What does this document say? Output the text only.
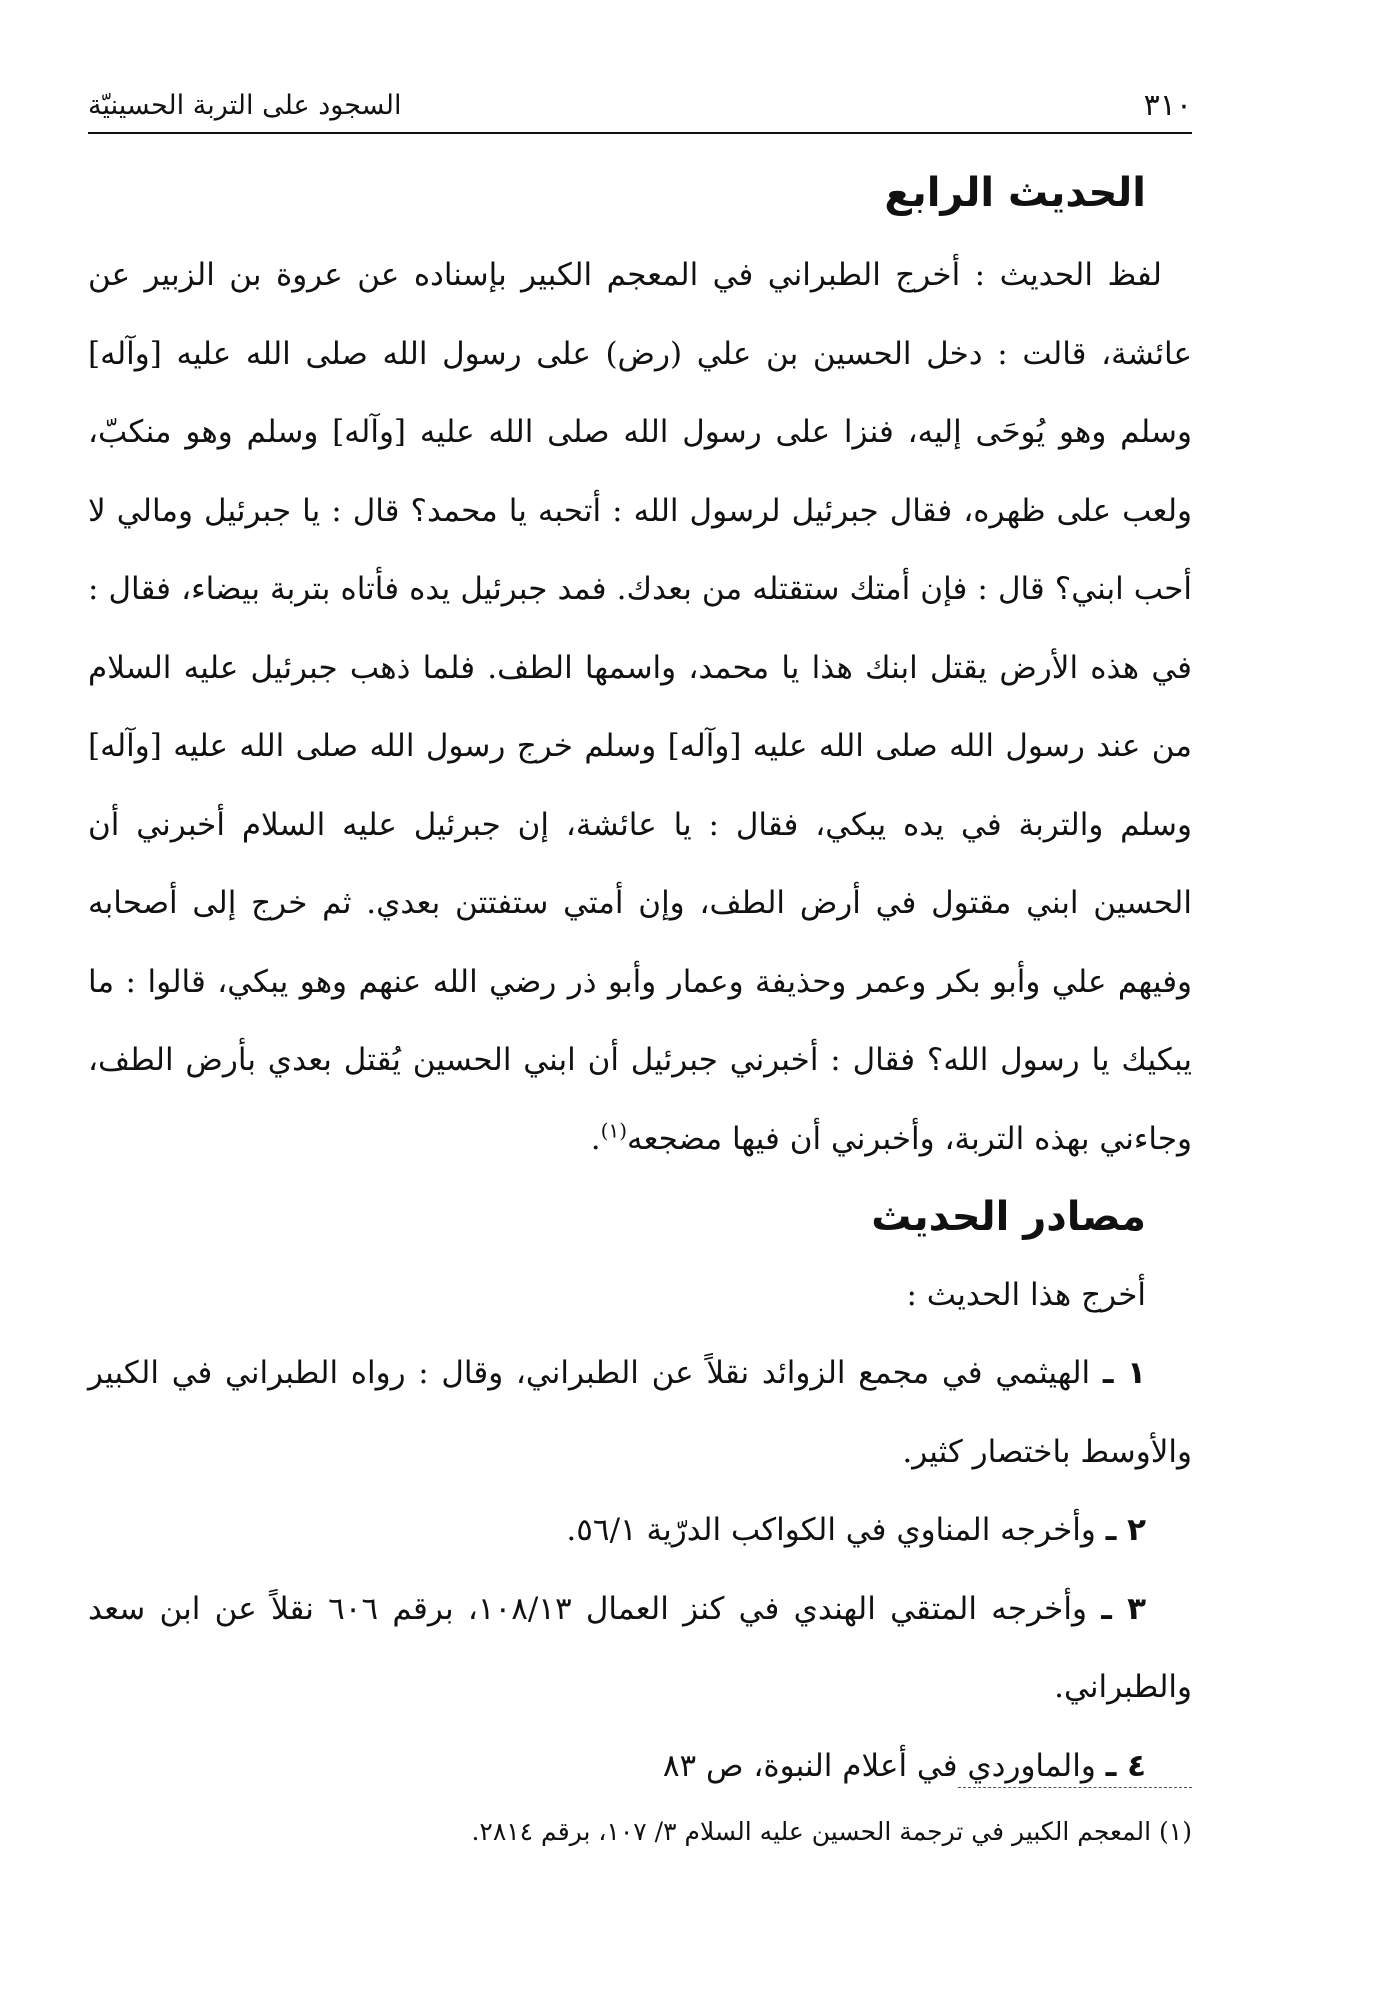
٣١٠
السجود على التربة الحسينيّة
الحديث الرابع

لفظ الحديث : أخرج الطبراني في المعجم الكبير بإسناده عن عروة بن الزبير عن عائشة، قالت : دخل الحسين بن علي (رض) على رسول الله صلى الله عليه [وآله] وسلم وهو يُوحَى إليه، فنزا على رسول الله صلى الله عليه [وآله] وسلم وهو منكبّ، ولعب على ظهره، فقال جبرئيل لرسول الله : أتحبه يا محمد؟ قال : يا جبرئيل ومالي لا أحب ابني؟ قال : فإن أمتك ستقتله من بعدك. فمد جبرئيل يده فأتاه بتربة بيضاء، فقال : في هذه الأرض يقتل ابنك هذا يا محمد، واسمها الطف. فلما ذهب جبرئيل عليه السلام من عند رسول الله صلى الله عليه [وآله] وسلم خرج رسول الله صلى الله عليه [وآله] وسلم والتربة في يده يبكي، فقال : يا عائشة، إن جبرئيل عليه السلام أخبرني أن الحسين ابني مقتول في أرض الطف، وإن أمتي ستفتتن بعدي. ثم خرج إلى أصحابه وفيهم علي وأبو بكر وعمر وحذيفة وعمار وأبو ذر رضي الله عنهم وهو يبكي، قالوا : ما يبكيك يا رسول الله؟ فقال : أخبرني جبرئيل أن ابني الحسين يُقتل بعدي بأرض الطف، وجاءني بهذه التربة، وأخبرني أن فيها مضجعه$^{(١)}$.

مصادر الحديث

أخرج هذا الحديث :

١ ـ الهيثمي في مجمع الزوائد نقلاً عن الطبراني، وقال : رواه الطبراني في الكبير والأوسط باختصار كثير.
٢ ـ وأخرجه المناوي في الكواكب الدرّية ٥٦/١.
٣ ـ وأخرجه المتقي الهندي في كنز العمال ١٠٨/١٣، برقم ٦٠٦ نقلاً عن ابن سعد والطبراني.
٤ ـ والماوردي في أعلام النبوة، ص ٨٣
(١) المعجم الكبير في ترجمة الحسين عليه السلام ٣/ ١٠٧، برقم ٢٨١٤.
